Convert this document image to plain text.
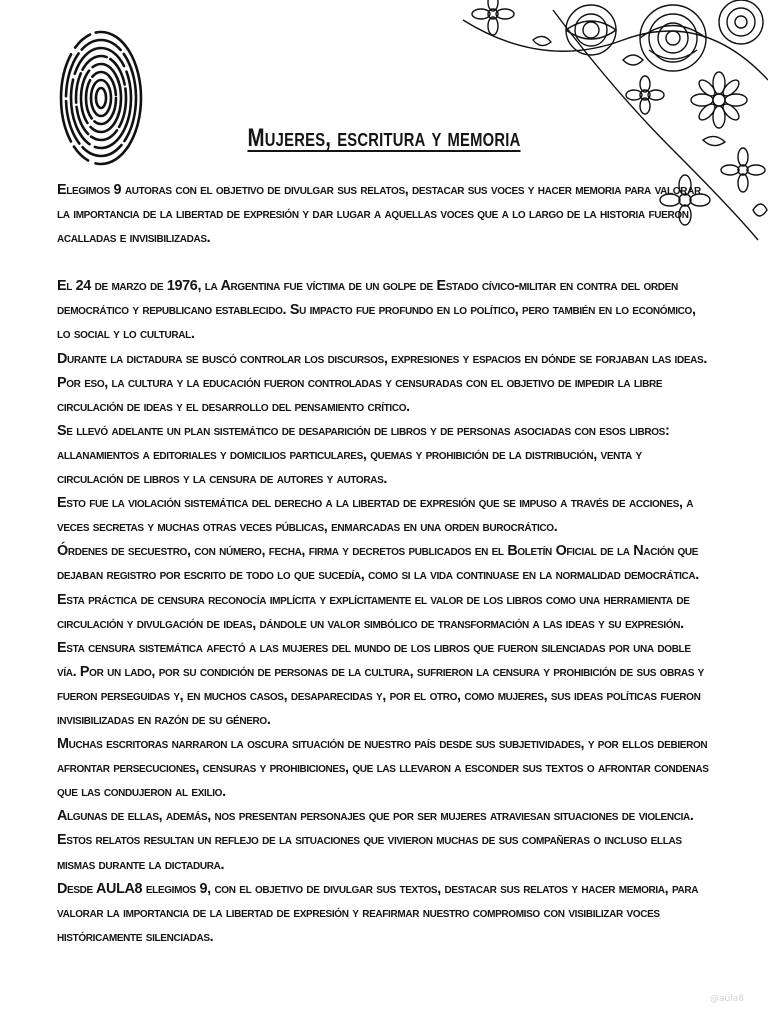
Mujeres, escritura y memoria

Elegimos 9 autoras con el objetivo de divulgar sus relatos, destacar sus voces y hacer memoria para valorar la importancia de la libertad de expresión y dar lugar a aquellas voces que a lo largo de la historia fueron acalladas e invisibilizadas.

El 24 de marzo de 1976, la Argentina fue víctima de un golpe de Estado cívico-militar en contra del orden democrático y republicano establecido. Su impacto fue profundo en lo político, pero también en lo económico, lo social y lo cultural.

Durante la dictadura se buscó controlar los discursos, expresiones y espacios en dónde se forjaban las ideas. Por eso, la cultura y la educación fueron controladas y censuradas con el objetivo de impedir la libre circulación de ideas y el desarrollo del pensamiento crítico.

Se llevó adelante un plan sistemático de desaparición de libros y de personas asociadas con esos libros: allanamientos a editoriales y domicilios particulares, quemas y prohibición de la distribución, venta y circulación de libros y la censura de autores y autoras.

Esto fue la violación sistemática del derecho a la libertad de expresión que se impuso a través de acciones, a veces secretas y muchas otras veces públicas, enmarcadas en una orden burocrático.

Órdenes de secuestro, con número, fecha, firma y decretos publicados en el Boletín Oficial de la Nación que dejaban registro por escrito de todo lo que sucedía, como si la vida continuase en la normalidad democrática.

Esta práctica de censura reconocía implícita y explícitamente el valor de los libros como una herramienta de circulación y divulgación de ideas, dándole un valor simbólico de transformación a las ideas y su expresión.

Esta censura sistemática afectó a las mujeres del mundo de los libros que fueron silenciadas por una doble vía. Por un lado, por su condición de personas de la cultura, sufrieron la censura y prohibición de sus obras y fueron perseguidas y, en muchos casos, desaparecidas y, por el otro, como mujeres, sus ideas políticas fueron invisibilizadas en razón de su género.

Muchas escritoras narraron la oscura situación de nuestro país desde sus subjetividades, y por ellos debieron afrontar persecuciones, censuras y prohibiciones, que las llevaron a esconder sus textos o afrontar condenas que las condujeron al exilio.

Algunas de ellas, además, nos presentan personajes que por ser mujeres atraviesan situaciones de violencia. Estos relatos resultan un reflejo de la situaciones que vivieron muchas de sus compañeras o incluso ellas mismas durante la dictadura.

Desde AULA8 elegimos 9, con el objetivo de divulgar sus textos, destacar sus relatos y hacer memoria, para valorar la importancia de la libertad de expresión y reafirmar nuestro compromiso con visibilizar voces históricamente silenciadas.

@aula8
